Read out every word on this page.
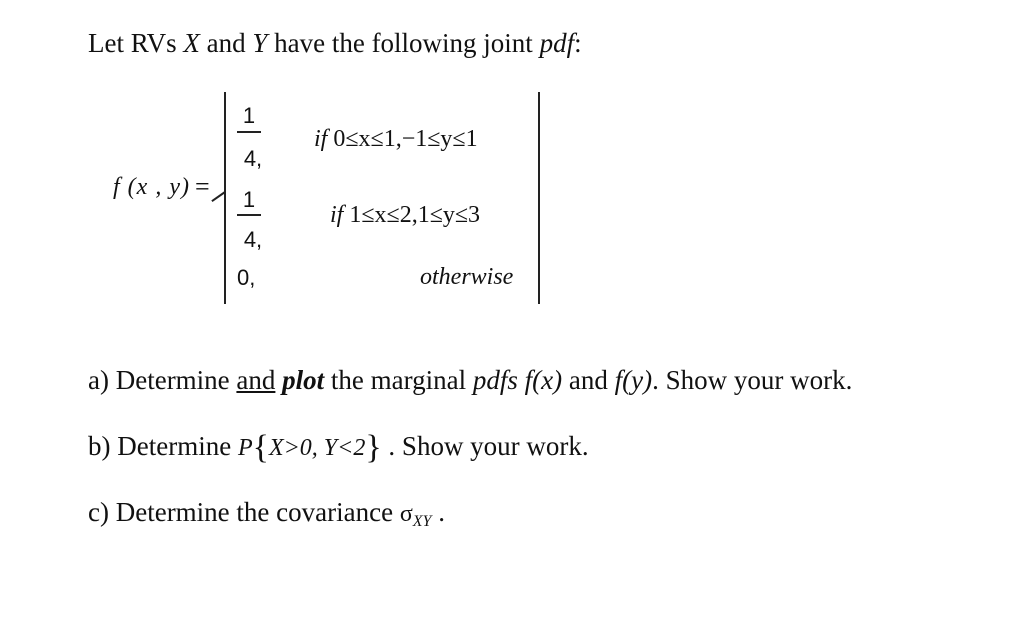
Let RVs X and Y have the following joint pdf:
f (x , y) =
1
4,
if 0≤x≤1,−1≤y≤1
1
4,
if 1≤x≤2,1≤y≤3
0,	otherwise
a) Determine and plot the marginal pdfs f(x) and f(y). Show your work.
b) Determine P{X>0, Y<2} . Show your work.
c) Determine the covariance $\sigma_{XY}$ .
